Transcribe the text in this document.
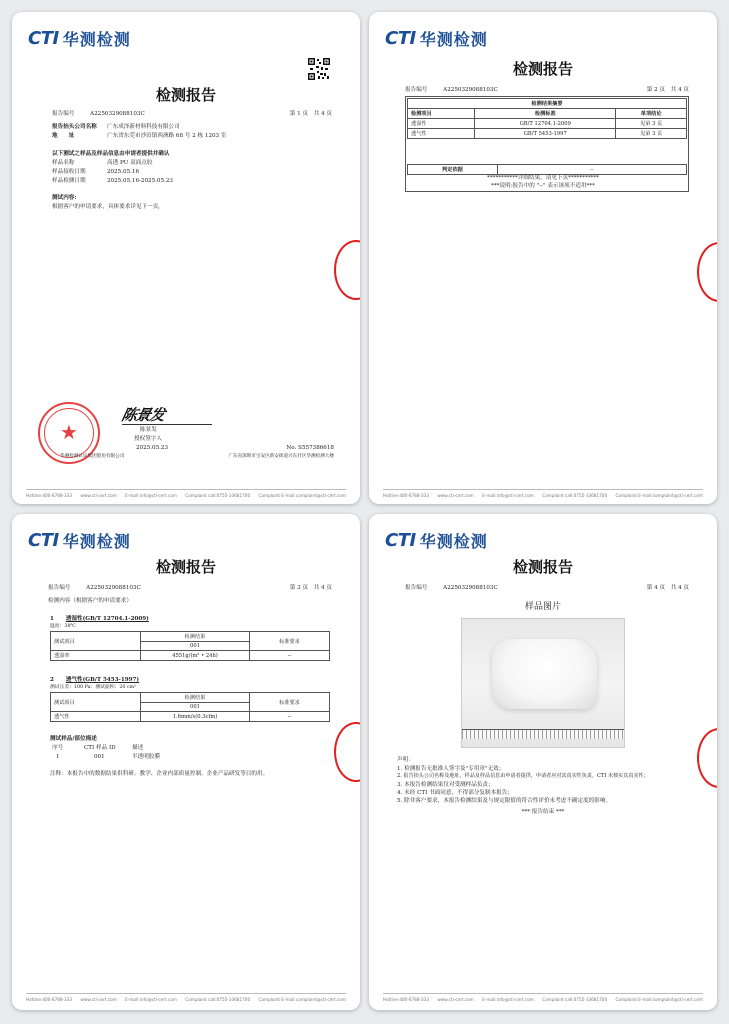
CTI 华测检测
检测报告
报告编号	A2250329088103C	第 1 页　共 4 页
报告抬头公司名称 广东成泽新材料科技有限公司
地　　址	广东省东莞市沙田镇西洲路 68 号 2 栋 1203 室
以下测试之样品及样品信息由申请者提供并确认
样品名称	高透 PU 双面点胶
样品接收日期	2025.05.16
样品检测日期	2025.05.16-2025.05.23
测试内容:
根据客户的申请要求，具体要求详见下一页。
★
陈景发
陈景发
授权签字人
2025.05.23	No. S557386618
华测检测认证集团股份有限公司	广东省深圳市宝安区新安街道兴东社区华测检测大楼
Hotline:400-6788-333 www.cti-cert.com E-mail:info@cti-cert.com Complaint call:0755-33681700 Complaint E-mail:complaint@cti-cert.com
CTI 华测检测
检测报告
报告编号	A2250329088103C	第 2 页　共 4 页
检测结果摘要		
检测项目	检测标准	单项结论
透湿性	GB/T 12704.1-2009	见第 3 页
透气性	GB/T 5453-1997	见第 3 页
判定依据	--
***********详细结果，请见下页***********
***说明:报告中的 "--" 表示该项不适用***
Hotline:400-6788-333 www.cti-cert.com E-mail:info@cti-cert.com Complaint call:0755-33681700 Complaint E-mail:complaint@cti-cert.com
CTI 华测检测
检测报告
报告编号	A2250329088103C	第 3 页　共 4 页
检测内容（根据客户的申请要求）
1 透湿性(GB/T 12704.1-2009)
温度：38℃
测试项目	检测结果	标准要求
	001	
透湿率	4551g/(m² • 24h)	--
2 透气性(GB/T 5453-1997)
测试压差：100 Pa；测试面积：20 cm²
测试项目	检测结果	标准要求
	001	
透气性	1.6mm/s(0.3cfm)	--
测试样品/部位描述
序号	CTI 样品 ID	描述
1	001	半透明胶膜
注释：本报告中的数据结果供科研、教学、企业内部质量控制、企业产品研发等目的用。
Hotline:400-6788-333 www.cti-cert.com E-mail:info@cti-cert.com Complaint call:0755-33681700 Complaint E-mail:complaint@cti-cert.com
CTI 华测检测
检测报告
报告编号	A2250329088103C	第 4 页　共 4 页
样品图片
声明：
1. 检测报告无批准人签字及"专用章"无效；
2. 报告抬头公司名称及地址，样品及样品信息由申请者提供，申请者应对其真实性负责，CTI 未核实其真实性；
3. 本报告检测结果仅对受测样品负责；
4. 未经 CTI 书面同意，不得部分复制本报告；
5. 除非客户要求，本报告检测结果及与规定限值的符合性评价未考虑不确定度的影响。
*** 报告结束 ***
Hotline:400-6788-333 www.cti-cert.com E-mail:info@cti-cert.com Complaint call:0755-33681700 Complaint E-mail:complaint@cti-cert.com
